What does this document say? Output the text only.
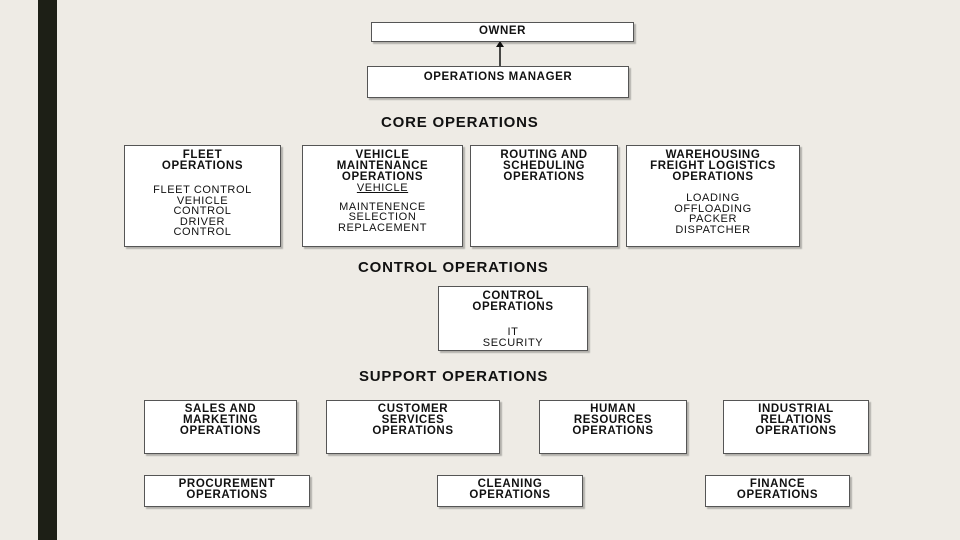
OWNER
OPERATIONS MANAGER
CORE OPERATIONS
FLEET OPERATIONS
FLEET CONTROL
VEHICLE
CONTROL
DRIVER
CONTROL
VEHICLE MAINTENANCE OPERATIONS
VEHICLE
MAINTENENCE
SELECTION
REPLACEMENT
ROUTING AND SCHEDULING OPERATIONS
WAREHOUSING FREIGHT LOGISTICS OPERATIONS
LOADING
OFFLOADING
PACKER
DISPATCHER
CONTROL OPERATIONS
CONTROL OPERATIONS
IT
SECURITY
SUPPORT OPERATIONS
SALES AND MARKETING OPERATIONS
CUSTOMER SERVICES OPERATIONS
HUMAN RESOURCES OPERATIONS
INDUSTRIAL RELATIONS OPERATIONS
PROCUREMENT OPERATIONS
CLEANING OPERATIONS
FINANCE OPERATIONS
